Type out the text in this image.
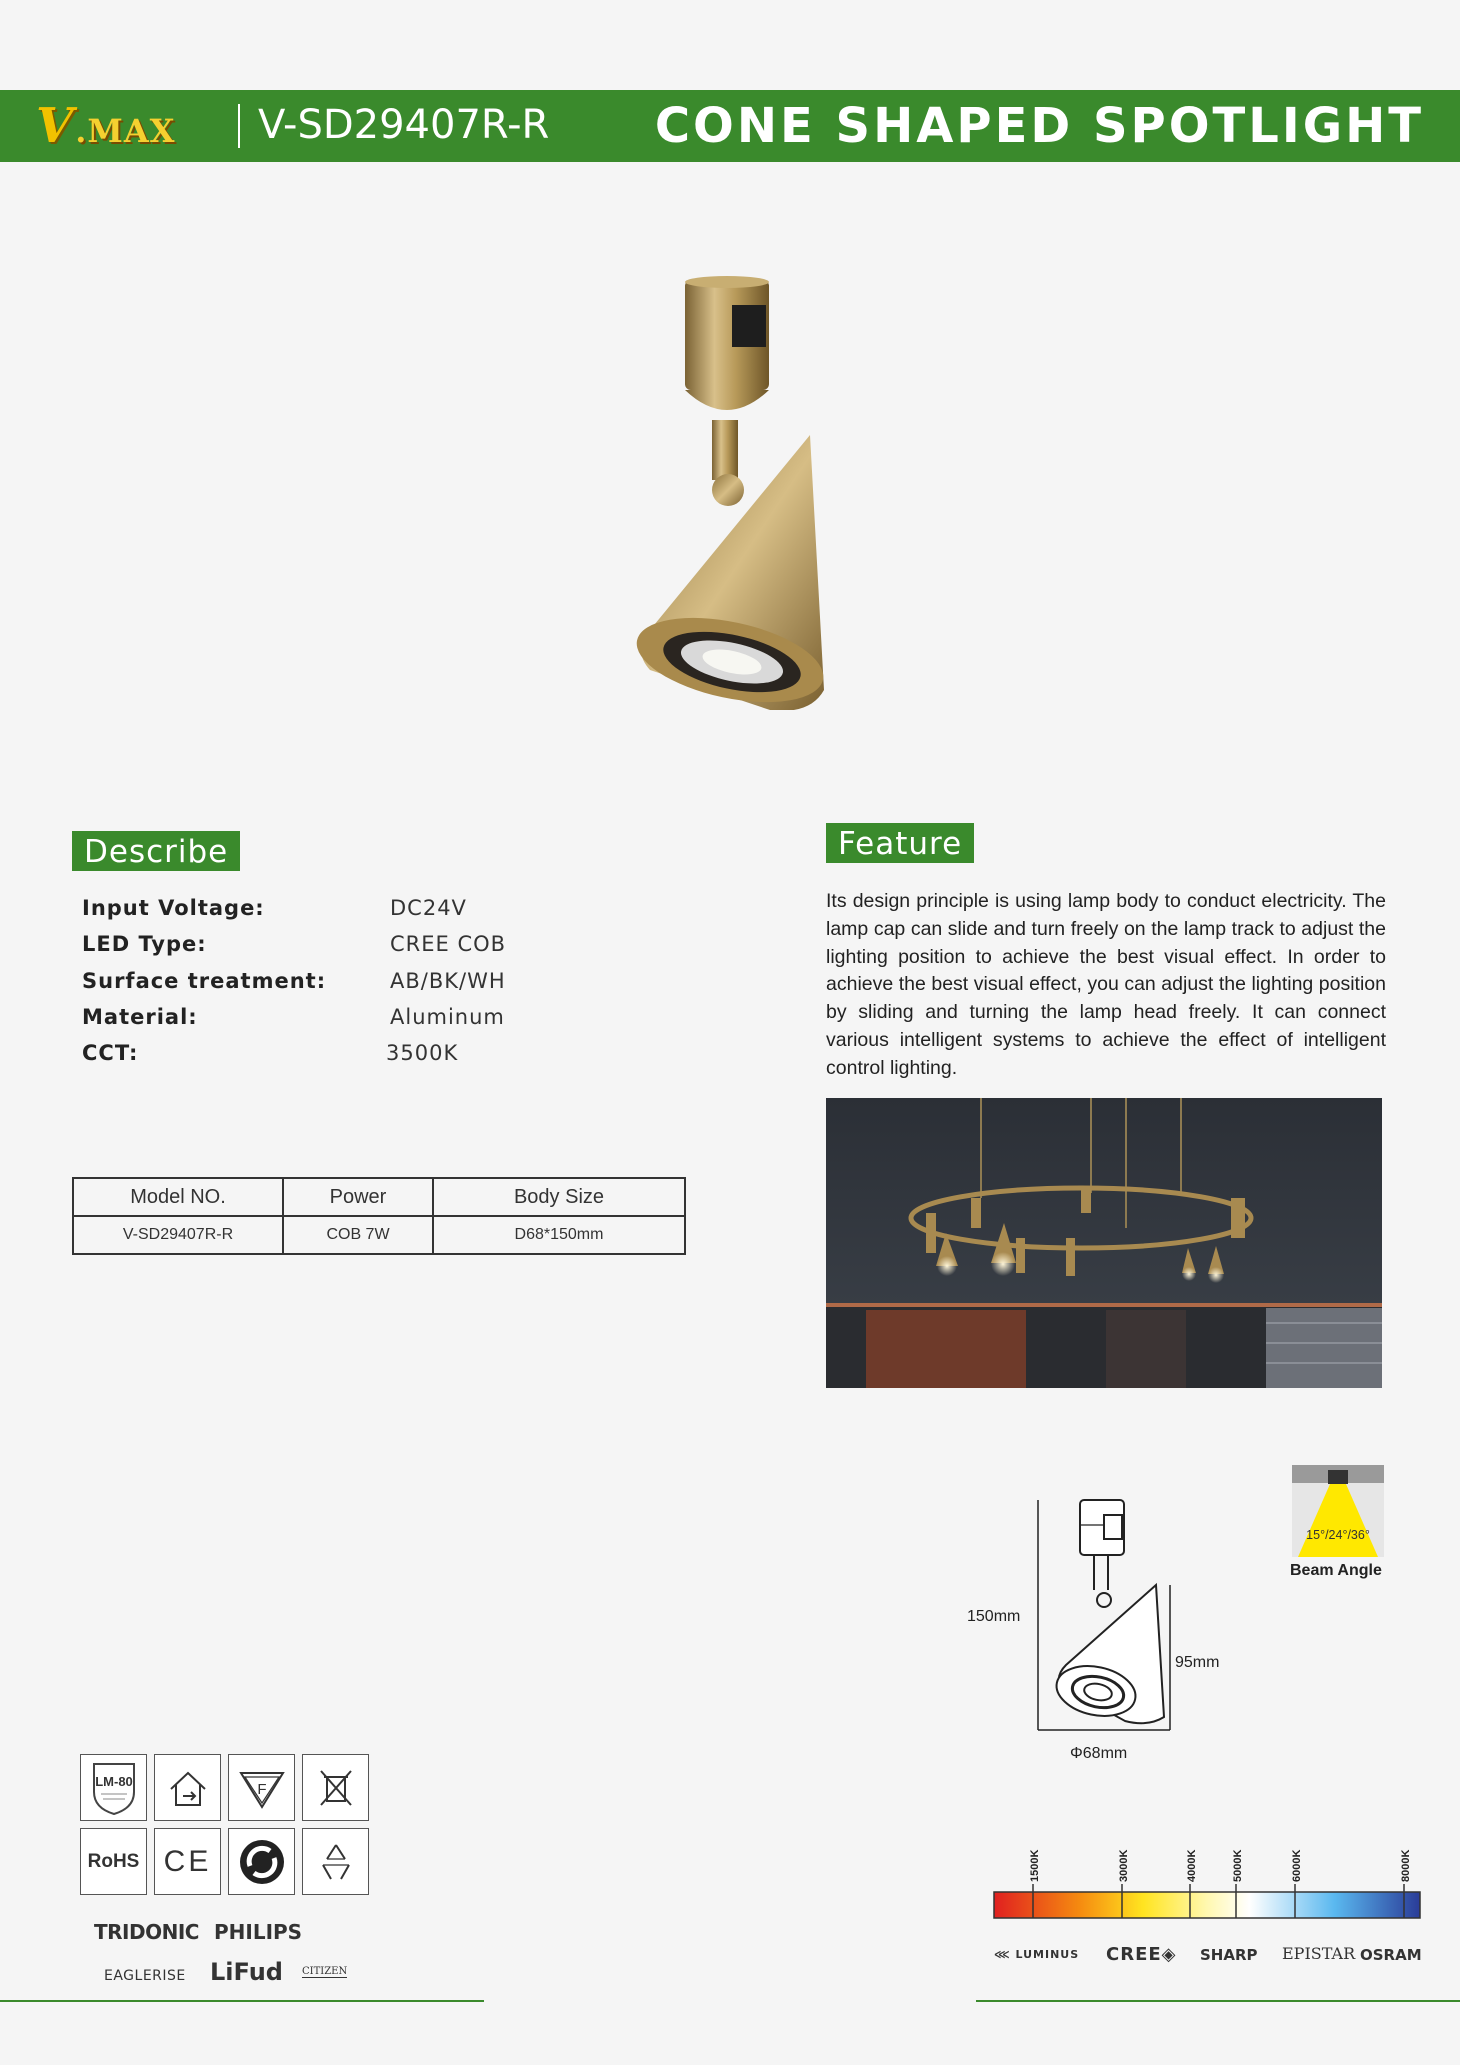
V .MAX V-SD29407R-R CONE SHAPED SPOTLIGHT
Describe
Input Voltage:	DC24V
LED Type:	CREE COB
Surface treatment:	AB/BK/WH
Material:	Aluminum
CCT:	3500K
Model NO.	Power	Body Size
V-SD29407R-R	COB 7W	D68*150mm
Feature
Its design principle is using lamp body to conduct electricity. The lamp cap can slide and turn freely on the lamp track to adjust the lighting position to achieve the best visual effect. In order to achieve the best visual effect, you can adjust the lighting position by sliding and turning the lamp head freely. It can connect various intelligent systems to achieve the effect of intelligent control lighting.
150mm
95mm
Φ68mm
15°/24°/36°
Beam Angle
LM-80	F
RoHS CE
TRIDONIC PHILIPS
EAGLERISE LiFud CITIZEN
1500K	3000K	4000K	5000K	6000K	8000K
⋘ LUMINUS CREE◈ SHARP EPISTAR OSRAM
